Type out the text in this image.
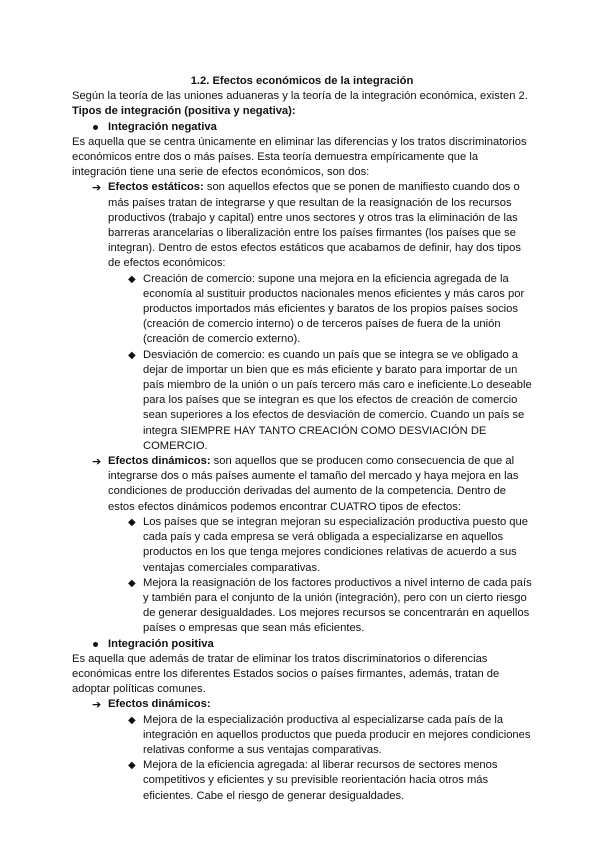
1.2. Efectos económicos de la integración

Según la teoría de las uniones aduaneras y la teoría de la integración económica, existen 2.

Tipos de integración (positiva y negativa):

Integración negativa

Es aquella que se centra únicamente en eliminar las diferencias y los tratos discriminatorios económicos entre dos o más países. Esta teoría demuestra empíricamente que la integración tiene una serie de efectos económicos, son dos:

➔ Efectos estáticos: son aquellos efectos que se ponen de manifiesto cuando dos o más países tratan de integrarse y que resultan de la reasignación de los recursos productivos (trabajo y capital) entre unos sectores y otros tras la eliminación de las barreras arancelarias o liberalización entre los países firmantes (los países que se integran). Dentro de estos efectos estáticos que acabamos de definir, hay dos tipos de efectos económicos:
◆ Creación de comercio: supone una mejora en la eficiencia agregada de la economía al sustituir productos nacionales menos eficientes y más caros por productos importados más eficientes y baratos de los propios países socios (creación de comercio interno) o de terceros países de fuera de la unión (creación de comercio externo).
◆ Desviación de comercio: es cuando un país que se integra se ve obligado a dejar de importar un bien que es más eficiente y barato para importar de un país miembro de la unión o un país tercero más caro e ineficiente.Lo deseable para los países que se integran es que los efectos de creación de comercio sean superiores a los efectos de desviación de comercio. Cuando un país se integra SIEMPRE HAY TANTO CREACIÓN COMO DESVIACIÓN DE COMERCIO.
➔ Efectos dinámicos: son aquellos que se producen como consecuencia de que al integrarse dos o más países aumente el tamaño del mercado y haya mejora en las condiciones de producción derivadas del aumento de la competencia. Dentro de estos efectos dinámicos podemos encontrar CUATRO tipos de efectos:
◆ Los países que se integran mejoran su especialización productiva puesto que cada país y cada empresa se verá obligada a especializarse en aquellos productos en los que tenga mejores condiciones relativas de acuerdo a sus ventajas comerciales comparativas.
◆ Mejora la reasignación de los factores productivos a nivel interno de cada país y también para el conjunto de la unión (integración), pero con un cierto riesgo de generar desigualdades. Los mejores recursos se concentrarán en aquellos países o empresas que sean más eficientes.
Integración positiva

Es aquella que además de tratar de eliminar los tratos discriminatorios o diferencias económicas entre los diferentes Estados socios o países firmantes, además, tratan de adoptar políticas comunes.

➔ Efectos dinámicos:
◆ Mejora de la especialización productiva al especializarse cada país de la integración en aquellos productos que pueda producir en mejores condiciones relativas conforme a sus ventajas comparativas.
◆ Mejora de la eficiencia agregada: al liberar recursos de sectores menos competitivos y eficientes y su previsible reorientación hacia otros más eficientes. Cabe el riesgo de generar desigualdades.
